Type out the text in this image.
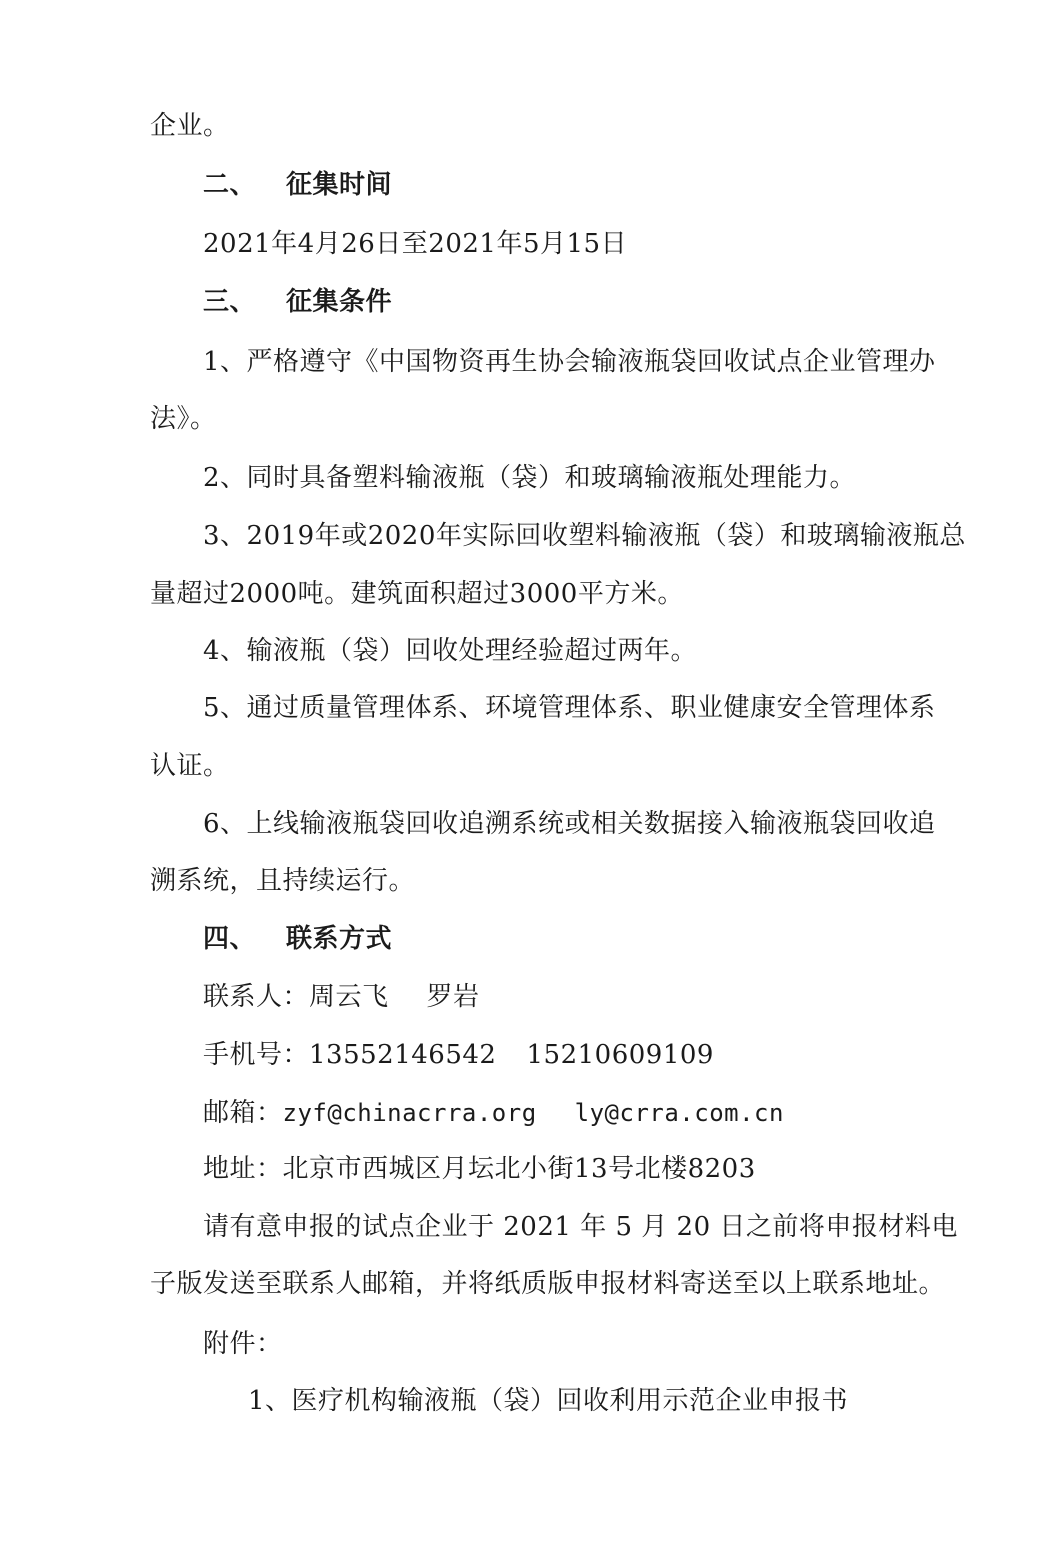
企业。

二、 征集时间

2021年4月26日至2021年5月15日

三、 征集条件

1、严格遵守《中国物资再生协会输液瓶袋回收试点企业管理办

法》。

2、同时具备塑料输液瓶（袋）和玻璃输液瓶处理能力。

3、2019年或2020年实际回收塑料输液瓶（袋）和玻璃输液瓶总

量超过2000吨。建筑面积超过3000平方米。

4、输液瓶（袋）回收处理经验超过两年。

5、通过质量管理体系、环境管理体系、职业健康安全管理体系

认证。

6、上线输液瓶袋回收追溯系统或相关数据接入输液瓶袋回收追

溯系统，且持续运行。

四、 联系方式

联系人：周云飞 罗岩

手机号：13552146542 15210609109

邮箱：zyf@chinacrra.org ly@crra.com.cn

地址：北京市西城区月坛北小街13号北楼8203

请有意申报的试点企业于 2021 年 5 月 20 日之前将申报材料电

子版发送至联系人邮箱，并将纸质版申报材料寄送至以上联系地址。

附件：

1、医疗机构输液瓶（袋）回收利用示范企业申报书
